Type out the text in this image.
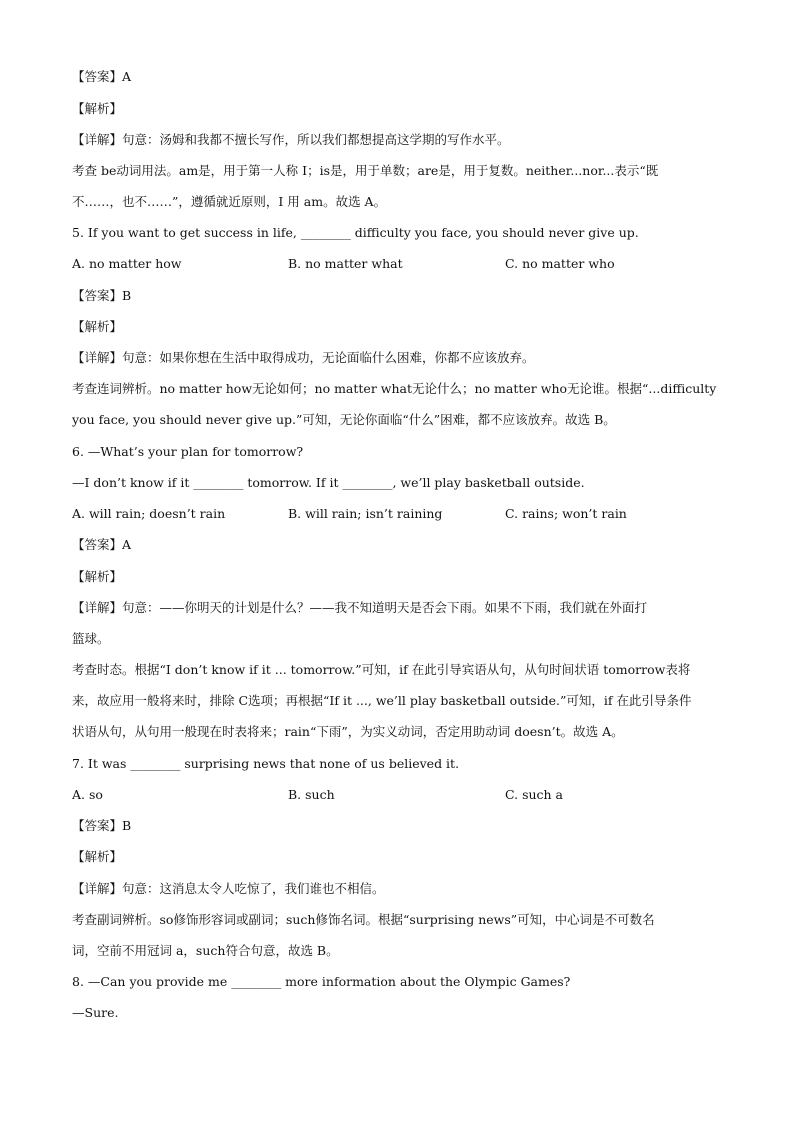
【答案】A
【解析】
【详解】句意：汤姆和我都不擅长写作，所以我们都想提高这学期的写作水平。
考查 be动词用法。am是，用于第一人称 I；is是，用于单数；are是，用于复数。neither...nor...表示“既
不……，也不……”，遵循就近原则，I 用 am。故选 A。
5. If you want to get success in life, ________ difficulty you face, you should never give up.
A. no matter how	B. no matter what	C. no matter who
【答案】B
【解析】
【详解】句意：如果你想在生活中取得成功，无论面临什么困难，你都不应该放弃。
考查连词辨析。no matter how无论如何；no matter what无论什么；no matter who无论谁。根据“...difficulty
you face, you should never give up.”可知，无论你面临“什么”困难，都不应该放弃。故选 B。
6. —What’s your plan for tomorrow?
—I don’t know if it ________ tomorrow. If it ________, we’ll play basketball outside.
A. will rain; doesn’t rain	B. will rain; isn’t raining	C. rains; won’t rain
【答案】A
【解析】
【详解】句意：——你明天的计划是什么？——我不知道明天是否会下雨。如果不下雨，我们就在外面打
篮球。
考查时态。根据“I don’t know if it ... tomorrow.”可知，if 在此引导宾语从句，从句时间状语 tomorrow表将
来，故应用一般将来时，排除 C选项；再根据“If it ..., we’ll play basketball outside.”可知，if 在此引导条件
状语从句，从句用一般现在时表将来；rain“下雨”，为实义动词，否定用助动词 doesn’t。故选 A。
7. It was ________ surprising news that none of us believed it.
A. so	B. such	C. such a
【答案】B
【解析】
【详解】句意：这消息太令人吃惊了，我们谁也不相信。
考查副词辨析。so修饰形容词或副词；such修饰名词。根据“surprising news”可知，中心词是不可数名
词，空前不用冠词 a，such符合句意，故选 B。
8. —Can you provide me ________ more information about the Olympic Games?
—Sure.
